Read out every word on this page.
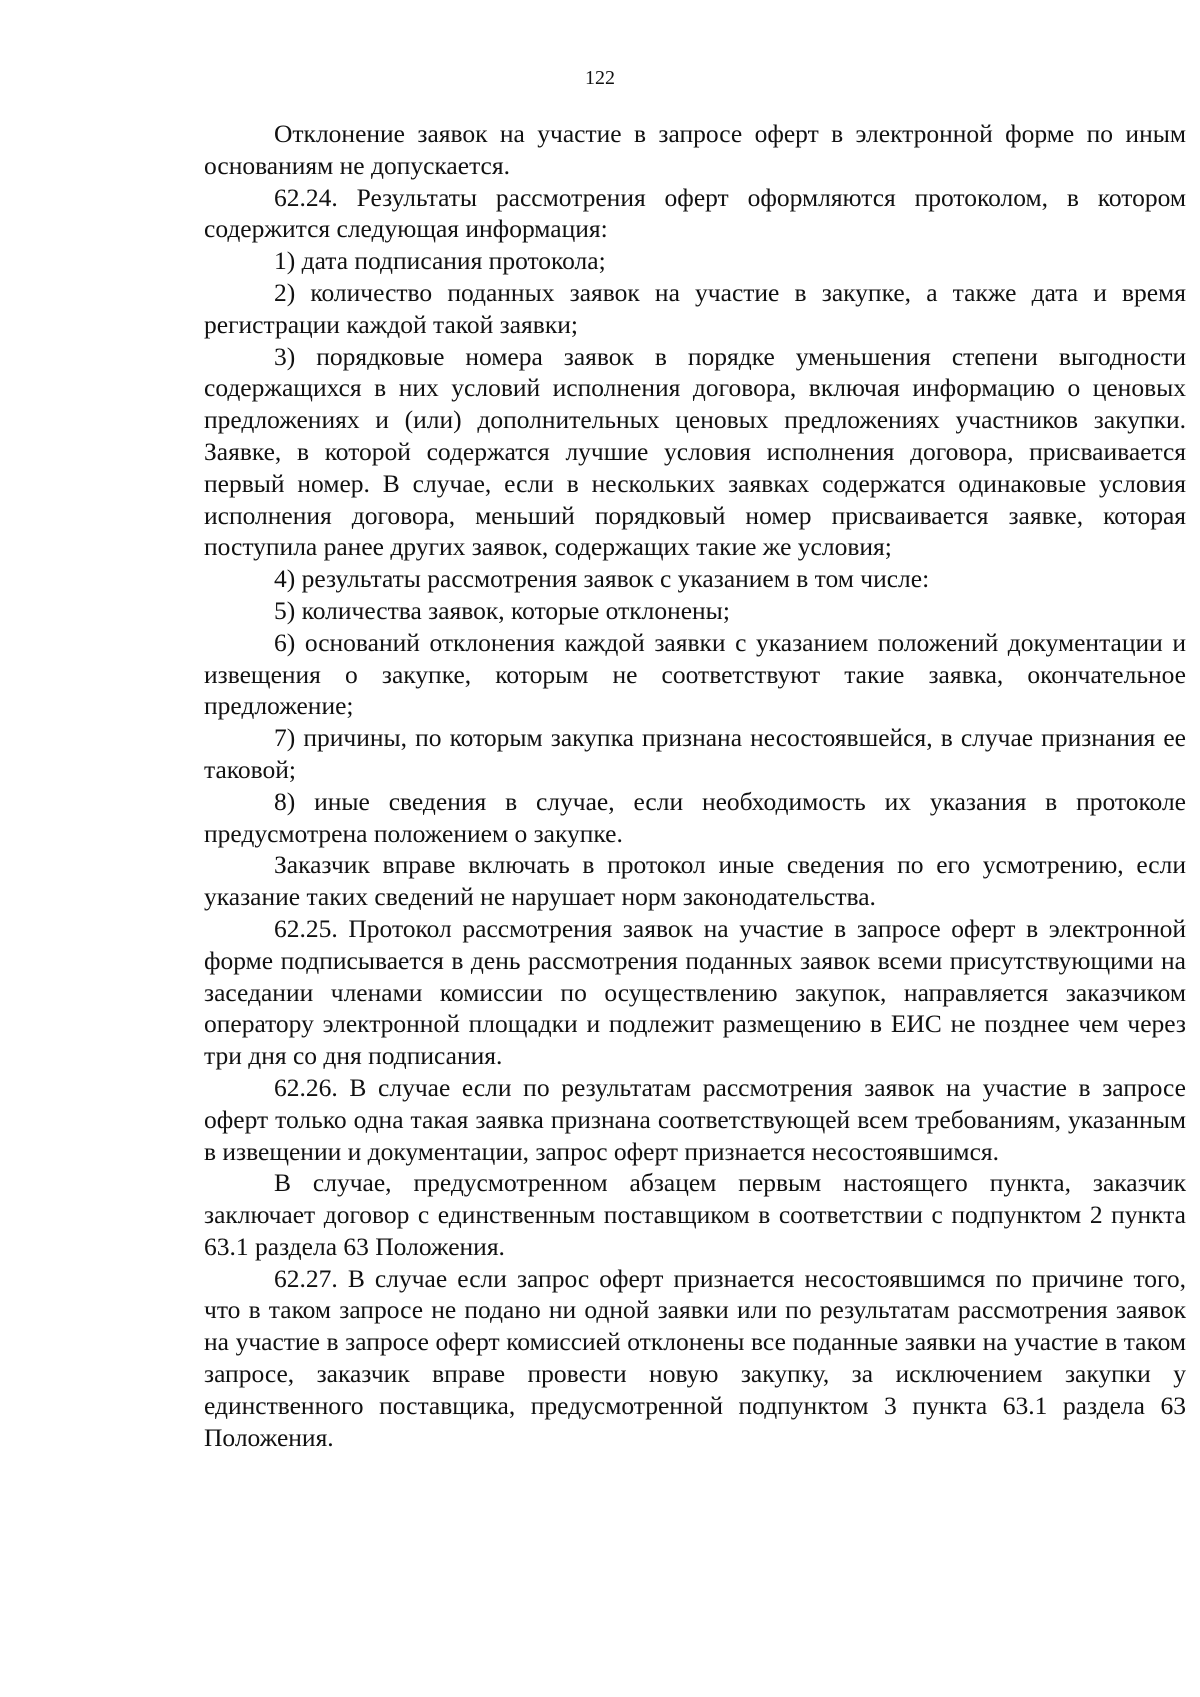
122

Отклонение заявок на участие в запросе оферт в электронной форме по иным основаниям не допускается.

62.24. Результаты рассмотрения оферт оформляются протоколом, в котором содержится следующая информация:

1) дата подписания протокола;

2) количество поданных заявок на участие в закупке, а также дата и время регистрации каждой такой заявки;

3) порядковые номера заявок в порядке уменьшения степени выгодности содержащихся в них условий исполнения договора, включая информацию о ценовых предложениях и (или) дополнительных ценовых предложениях участников закупки. Заявке, в которой содержатся лучшие условия исполнения договора, присваивается первый номер. В случае, если в нескольких заявках содержатся одинаковые условия исполнения договора, меньший порядковый номер присваивается заявке, которая поступила ранее других заявок, содержащих такие же условия;

4) результаты рассмотрения заявок с указанием в том числе:

5) количества заявок, которые отклонены;

6) оснований отклонения каждой заявки с указанием положений документации и извещения о закупке, которым не соответствуют такие заявка, окончательное предложение;

7) причины, по которым закупка признана несостоявшейся, в случае признания ее таковой;

8) иные сведения в случае, если необходимость их указания в протоколе предусмотрена положением о закупке.

Заказчик вправе включать в протокол иные сведения по его усмотрению, если указание таких сведений не нарушает норм законодательства.

62.25. Протокол рассмотрения заявок на участие в запросе оферт в электронной форме подписывается в день рассмотрения поданных заявок всеми присутствующими на заседании членами комиссии по осуществлению закупок, направляется заказчиком оператору электронной площадки и подлежит размещению в ЕИС не позднее чем через три дня со дня подписания.

62.26. В случае если по результатам рассмотрения заявок на участие в запросе оферт только одна такая заявка признана соответствующей всем требованиям, указанным в извещении и документации, запрос оферт признается несостоявшимся.

В случае, предусмотренном абзацем первым настоящего пункта, заказчик заключает договор с единственным поставщиком в соответствии с подпунктом 2 пункта 63.1 раздела 63 Положения.

62.27. В случае если запрос оферт признается несостоявшимся по причине того, что в таком запросе не подано ни одной заявки или по результатам рассмотрения заявок на участие в запросе оферт комиссией отклонены все поданные заявки на участие в таком запросе, заказчик вправе провести новую закупку, за исключением закупки у единственного поставщика, предусмотренной подпунктом 3 пункта 63.1 раздела 63 Положения.
